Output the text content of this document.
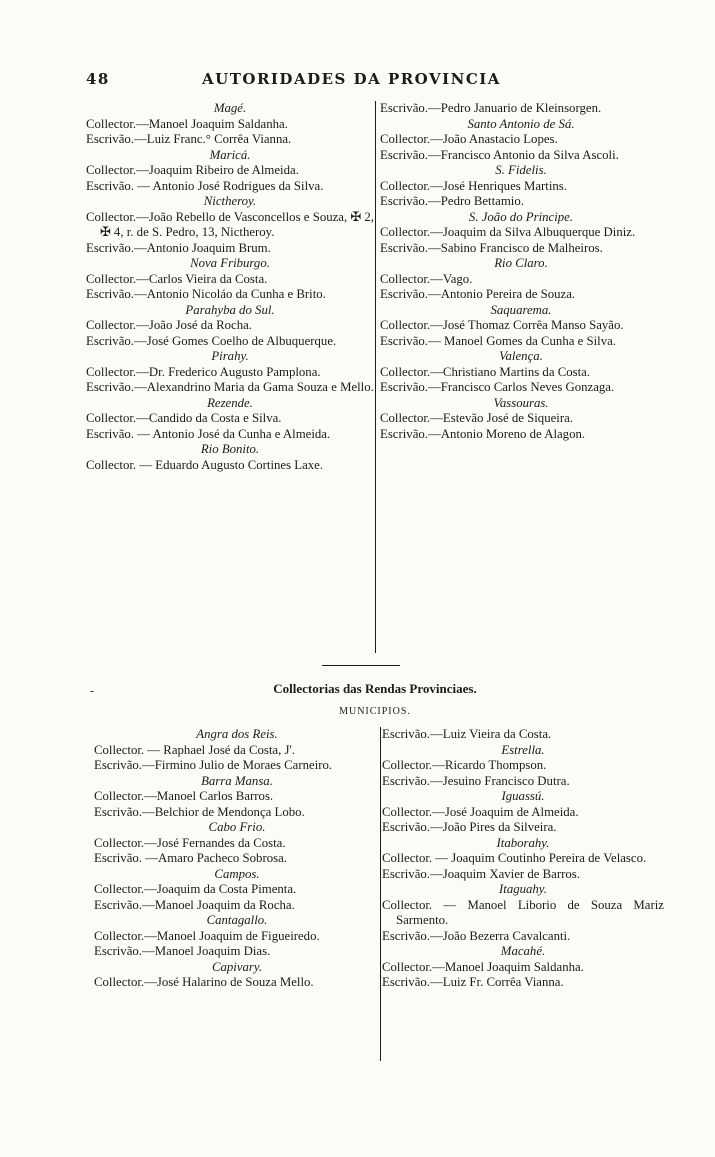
48	AUTORIDADES DA PROVINCIA
Magé.
Collector.—Manoel Joaquim Saldanha.
Escrivão.—Luiz Franc.° Corrêa Vianna.
Maricá.
Collector.—Joaquim Ribeiro de Almeida.
Escrivão. — Antonio José Rodrigues da Silva.
Nictheroy.
Collector.—João Rebello de Vasconcellos e Souza, ✠ 2, ✠ 4, r. de S. Pedro, 13, Nictheroy.
Escrivão.—Antonio Joaquim Brum.
Nova Friburgo.
Collector.—Carlos Vieira da Costa.
Escrivão.—Antonio Nicoláo da Cunha e Brito.
Parahyba do Sul.
Collector.—João José da Rocha.
Escrivão.—José Gomes Coelho de Albuquerque.
Pirahy.
Collector.—Dr. Frederico Augusto Pamplona.
Escrivão.—Alexandrino Maria da Gama Souza e Mello.
Rezende.
Collector.—Candido da Costa e Silva.
Escrivão. — Antonio José da Cunha e Almeida.
Rio Bonito.
Collector. — Eduardo Augusto Cortines Laxe.
Escrivão.—Pedro Januario de Kleinsorgen.
Santo Antonio de Sá.
Collector.—João Anastacio Lopes.
Escrivão.—Francisco Antonio da Silva Ascoli.
S. Fidelis.
Collector.—José Henriques Martins.
Escrivão.—Pedro Bettamio.
S. João do Principe.
Collector.—Joaquim da Silva Albuquerque Diniz.
Escrivão.—Sabino Francisco de Malheiros.
Rio Claro.
Collector.—Vago.
Escrivão.—Antonio Pereira de Souza.
Saquarema.
Collector.—José Thomaz Corrêa Manso Sayão.
Escrivão.— Manoel Gomes da Cunha e Silva.
Valença.
Collector.—Christiano Martins da Costa.
Escrivão.—Francisco Carlos Neves Gonzaga.
Vassouras.
Collector.—Estevão José de Siqueira.
Escrivão.—Antonio Moreno de Alagon.
-	Collectorias das Rendas Provinciaes.
MUNICIPIOS.
Angra dos Reis.
Collector. — Raphael José da Costa, J'.
Escrivão.—Firmino Julio de Moraes Carneiro.
Barra Mansa.
Collector.—Manoel Carlos Barros.
Escrivão.—Belchior de Mendonça Lobo.
Cabo Frio.
Collector.—José Fernandes da Costa.
Escrivão. —Amaro Pacheco Sobrosa.
Campos.
Collector.—Joaquim da Costa Pimenta.
Escrivão.—Manoel Joaquim da Rocha.
Cantagallo.
Collector.—Manoel Joaquim de Figueiredo.
Escrivão.—Manoel Joaquim Dias.
Capivary.
Collector.—José Halarino de Souza Mello.
Escrivão.—Luiz Vieira da Costa.
Estrella.
Collector.—Ricardo Thompson.
Escrivão.—Jesuino Francisco Dutra.
Iguassú.
Collector.—José Joaquim de Almeida.
Escrivão.—João Pires da Silveira.
Itaborahy.
Collector. — Joaquim Coutinho Pereira de Velasco.
Escrivão.—Joaquim Xavier de Barros.
Itaguahy.
Collector. — Manoel Liborio de Souza Mariz Sarmento.
Escrivão.—João Bezerra Cavalcanti.
Macahé.
Collector.—Manoel Joaquim Saldanha.
Escrivão.—Luiz Fr. Corrêa Vianna.
